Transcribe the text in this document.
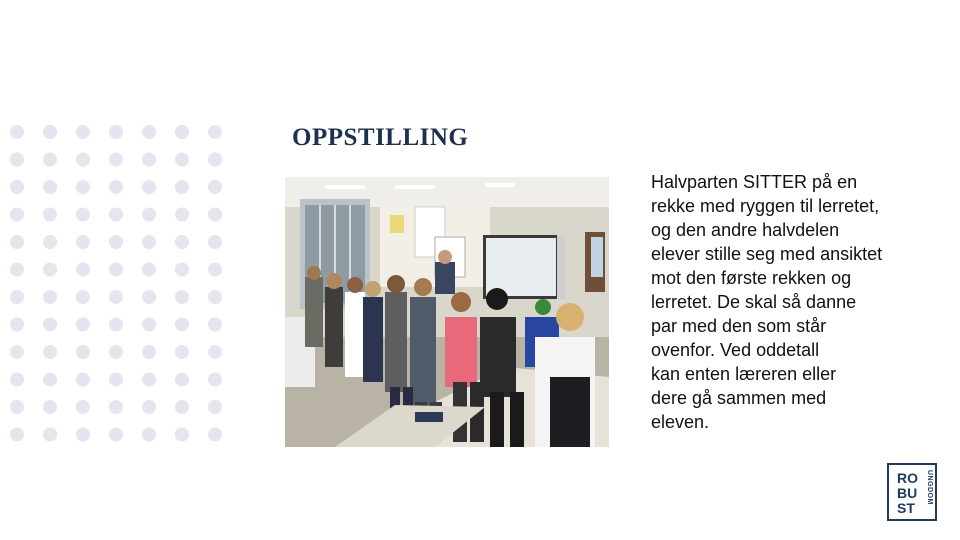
OPPSTILLING
Halvparten SITTER på en
rekke med ryggen til lerretet,
og den andre halvdelen
elever stille seg med ansiktet
mot den første rekken og
lerretet. De skal så danne
par med den som står
ovenfor. Ved oddetall
kan enten læreren eller
dere gå sammen med
eleven.
RO
BU
ST
UNGDOM
